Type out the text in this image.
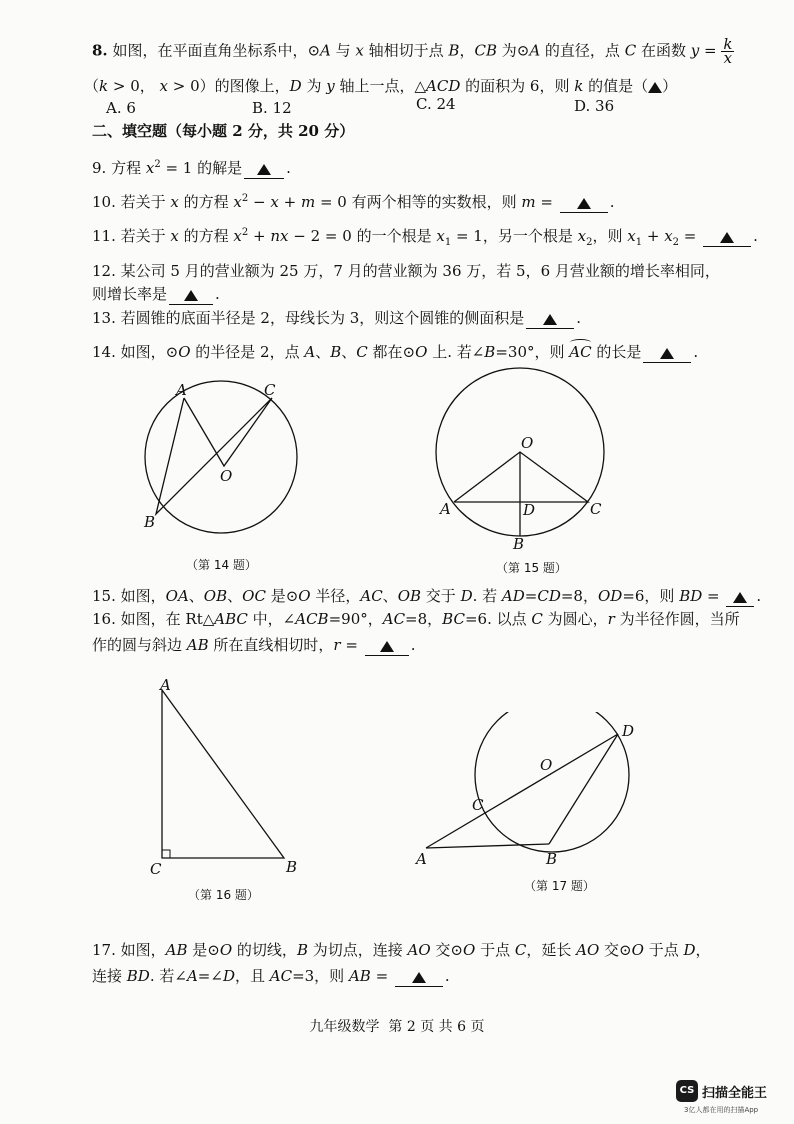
8. 如图，在平面直角坐标系中，⊙A 与 x 轴相切于点 B，CB 为⊙A 的直径，点 C 在函数 $y = \frac{k}{x}$
（k > 0， x > 0）的图像上，D 为 y 轴上一点，△ACD 的面积为 6，则 k 的值是（ ）
A. 6	B. 12	C. 24	D. 36
二、填空题（每小题 2 分，共 20 分）
9. 方程 $x^2 = 1$ 的解是	.
10. 若关于 x 的方程 $x^2 - x + m = 0$ 有两个相等的实数根，则 m =	.
11. 若关于 x 的方程 $x^2$ + nx − 2 = 0 的一个根是 $x_1 = 1$，另一个根是 $x_2$，则 $x_1 + x_2$ =	.
12. 某公司 5 月的营业额为 25 万，7 月的营业额为 36 万，若 5，6 月营业额的增长率相同，
则增长率是	.
13. 若圆锥的底面半径是 2，母线长为 3，则这个圆锥的侧面积是	.
14. 如图，⊙O 的半径是 2，点 A、B、C 都在⊙O 上. 若∠B=30°，则 AC 的长是	.
A	C
O
B
（第 14 题）
O
A	D	C
B
（第 15 题）
15. 如图，OA、OB、OC 是⊙O 半径，AC、OB 交于 D. 若 AD=CD=8，OD=6，则 BD = .
16. 如图，在 Rt△ABC 中，∠ACB=90°，AC=8，BC=6. 以点 C 为圆心，r 为半径作圆，当所
作的圆与斜边 AB 所在直线相切时，r =	.
A
C	B
（第 16 题）
D
O
C
A	B
（第 17 题）
17. 如图，AB 是⊙O 的切线，B 为切点，连接 AO 交⊙O 于点 C，延长 AO 交⊙O 于点 D，
连接 BD. 若∠A=∠D，且 AC=3，则 AB =	.
九年级数学 第 2 页 共 6 页
CS 扫描全能王
3亿人都在用的扫描App
